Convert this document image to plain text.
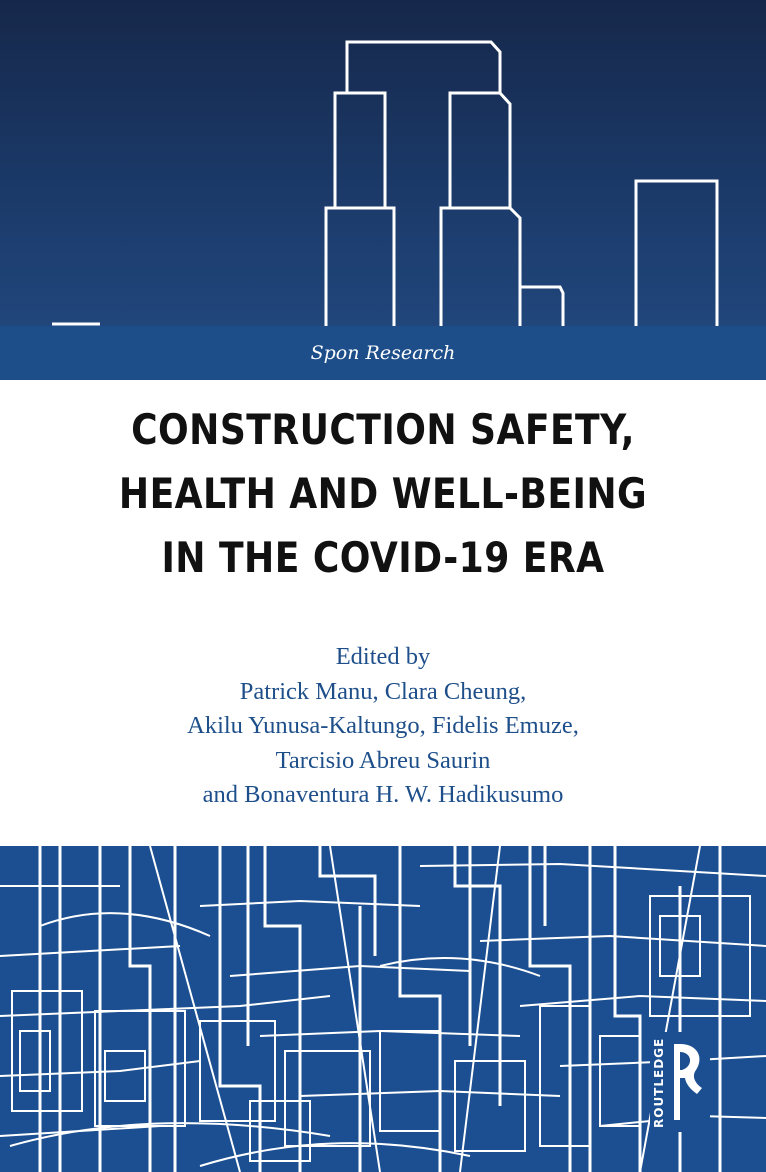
Spon Research
CONSTRUCTION SAFETY,
HEALTH AND WELL-BEING
IN THE COVID-19 ERA
Edited by
Patrick Manu, Clara Cheung,
Akilu Yunusa-Kaltungo, Fidelis Emuze,
Tarcisio Abreu Saurin
and Bonaventura H. W. Hadikusumo
ROUTLEDGE
